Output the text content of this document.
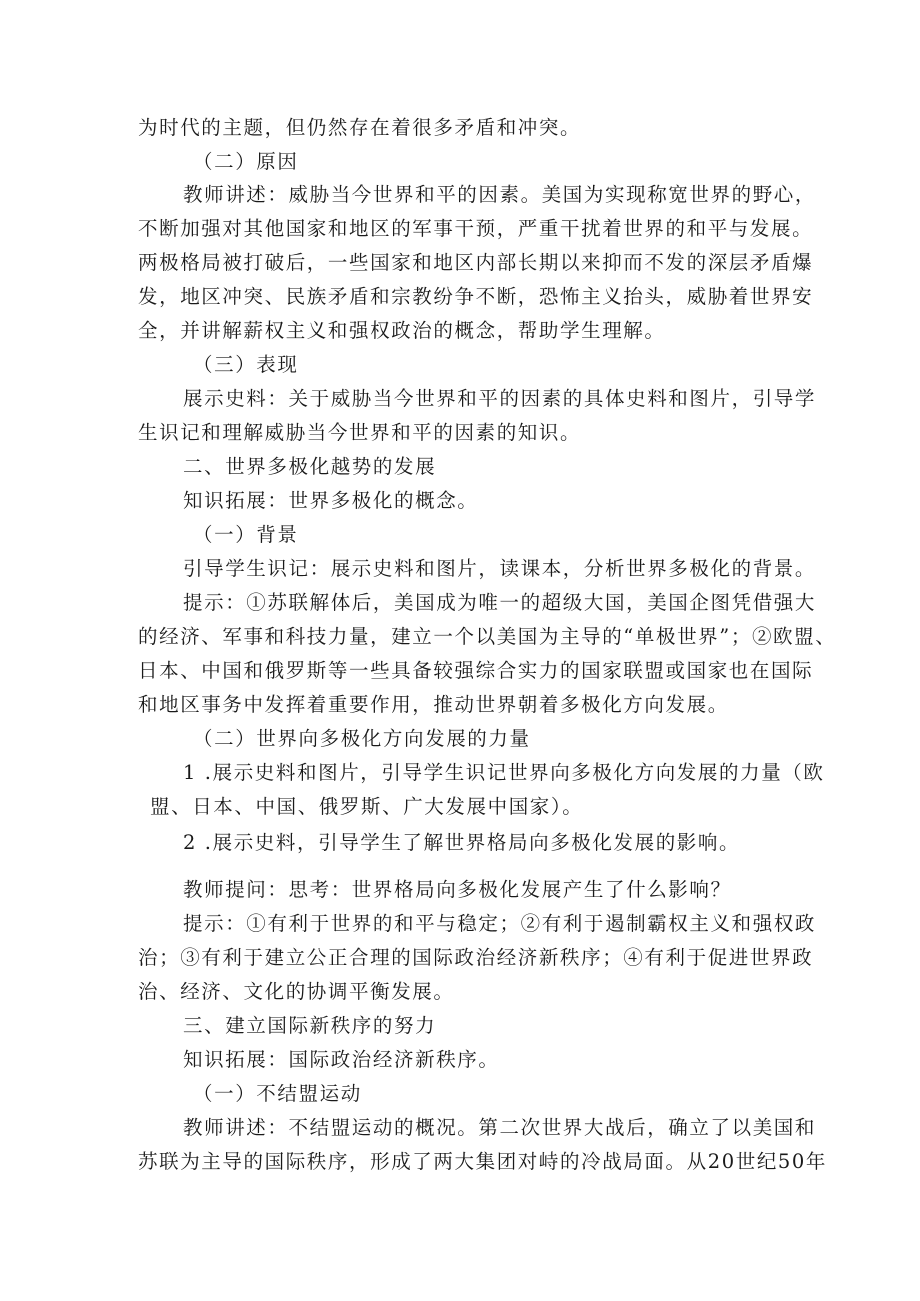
为时代的主题，但仍然存在着很多矛盾和冲突。
（二）原因
教师讲述：威胁当今世界和平的因素。美国为实现称宽世界的野心，
不断加强对其他国家和地区的军事干预，严重干扰着世界的和平与发展。
两极格局被打破后，一些国家和地区内部长期以来抑而不发的深层矛盾爆
发，地区冲突、民族矛盾和宗教纷争不断，恐怖主义抬头，威胁着世界安
全，并讲解薪权主义和强权政治的概念，帮助学生理解。
（三）表现
展示史料：关于威胁当今世界和平的因素的具体史料和图片，引导学
生识记和理解威胁当今世界和平的因素的知识。
二、世界多极化越势的发展
知识拓展：世界多极化的概念。
（一）背景
引导学生识记：展示史料和图片，读课本，分析世界多极化的背景。
提示：①苏联解体后，美国成为唯一的超级大国，美国企图凭借强大
的经济、军事和科技力量，建立一个以美国为主导的“单极世界”；②欧盟、
日本、中国和俄罗斯等一些具备较强综合实力的国家联盟或国家也在国际
和地区事务中发挥着重要作用，推动世界朝着多极化方向发展。
（二）世界向多极化方向发展的力量
1 .展示史料和图片，引导学生识记世界向多极化方向发展的力量（欧
盟、日本、中国、俄罗斯、广大发展中国家）。
2 .展示史料，引导学生了解世界格局向多极化发展的影响。
教师提问：思考：世界格局向多极化发展产生了什么影响？
提示：①有利于世界的和平与稳定；②有利于遏制霸权主义和强权政
治；③有利于建立公正合理的国际政治经济新秩序；④有利于促进世界政
治、经济、文化的协调平衡发展。
三、建立国际新秩序的努力
知识拓展：国际政治经济新秩序。
（一）不结盟运动
教师讲述：不结盟运动的概况。第二次世界大战后，确立了以美国和
苏联为主导的国际秩序，形成了两大集团对峙的冷战局面。从20世纪50年
